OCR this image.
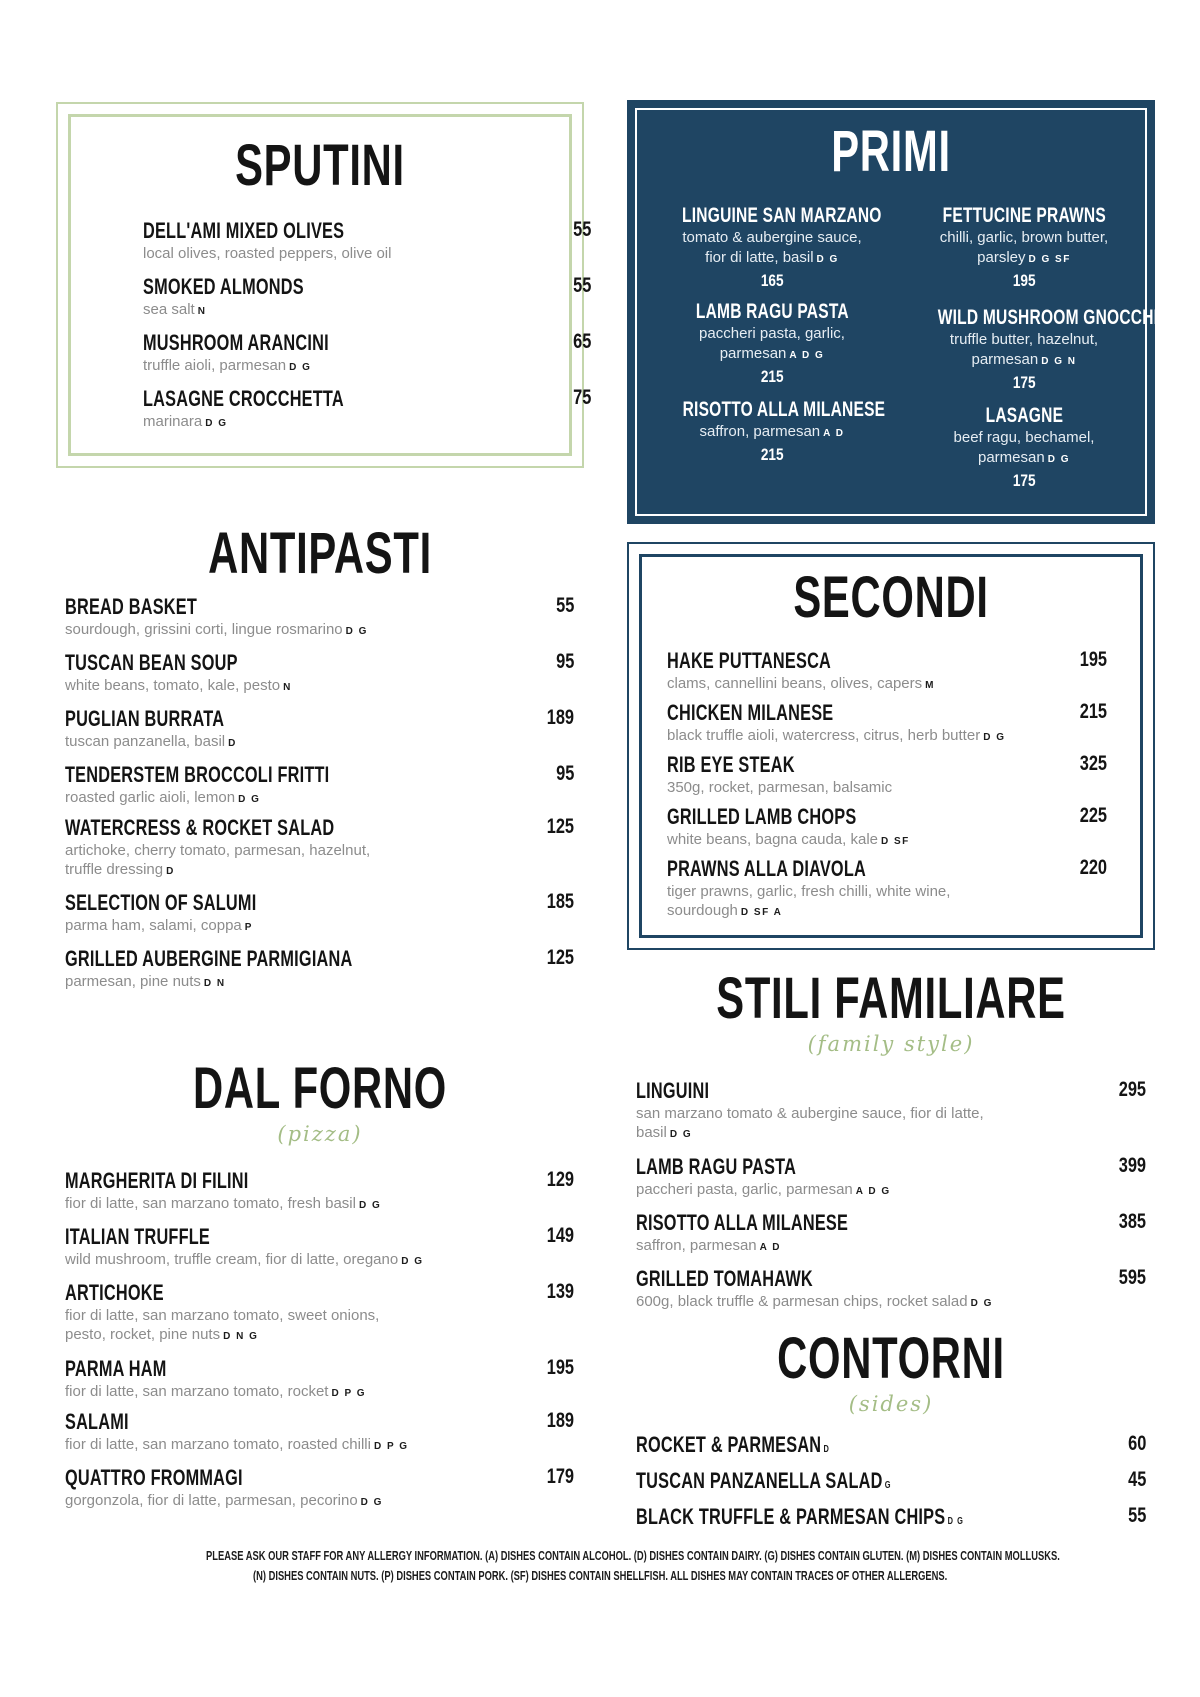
SPUTINI
DELL'AMI MIXED OLIVES	55
local olives, roasted peppers, olive oil
SMOKED ALMONDS	55
sea salt N
MUSHROOM ARANCINI	65
truffle aioli, parmesan D G
LASAGNE CROCCHETTA	75
marinara D G
PRIMI
LINGUINE SAN MARZANO
tomato & aubergine sauce,
fior di latte, basil D G
165
LAMB RAGU PASTA
paccheri pasta, garlic,
parmesan A D G
215
RISOTTO ALLA MILANESE
saffron, parmesan A D
215
FETTUCINE PRAWNS
chilli, garlic, brown butter,
parsley D G SF
195
WILD MUSHROOM GNOCCHI
truffle butter, hazelnut,
parmesan D G N
175
LASAGNE
beef ragu, bechamel,
parmesan D G
175
ANTIPASTI
BREAD BASKET	55
sourdough, grissini corti, lingue rosmarino D G
TUSCAN BEAN SOUP	95
white beans, tomato, kale, pesto N
PUGLIAN BURRATA	189
tuscan panzanella, basil D
TENDERSTEM BROCCOLI FRITTI	95
roasted garlic aioli, lemon D G
WATERCRESS & ROCKET SALAD	125
artichoke, cherry tomato, parmesan, hazelnut,
truffle dressing D
SELECTION OF SALUMI	185
parma ham, salami, coppa P
GRILLED AUBERGINE PARMIGIANA	125
parmesan, pine nuts D N
SECONDI
HAKE PUTTANESCA	195
clams, cannellini beans, olives, capers M
CHICKEN MILANESE	215
black truffle aioli, watercress, citrus, herb butter D G
RIB EYE STEAK	325
350g, rocket, parmesan, balsamic
GRILLED LAMB CHOPS	225
white beans, bagna cauda, kale D SF
PRAWNS ALLA DIAVOLA	220
tiger prawns, garlic, fresh chilli, white wine,
sourdough D SF A
STILI FAMILIARE
(family style)
LINGUINI	295
san marzano tomato & aubergine sauce, fior di latte,
basil D G
LAMB RAGU PASTA	399
paccheri pasta, garlic, parmesan A D G
RISOTTO ALLA MILANESE	385
saffron, parmesan A D
GRILLED TOMAHAWK	595
600g, black truffle & parmesan chips, rocket salad D G
DAL FORNO
(pizza)
MARGHERITA DI FILINI	129
fior di latte, san marzano tomato, fresh basil D G
ITALIAN TRUFFLE	149
wild mushroom, truffle cream, fior di latte, oregano D G
ARTICHOKE	139
fior di latte, san marzano tomato, sweet onions,
pesto, rocket, pine nuts D N G
PARMA HAM	195
fior di latte, san marzano tomato, rocket D P G
SALAMI	189
fior di latte, san marzano tomato, roasted chilli D P G
QUATTRO FROMMAGI	179
gorgonzola, fior di latte, parmesan, pecorino D G
CONTORNI
(sides)
ROCKET & PARMESAN D	60
TUSCAN PANZANELLA SALAD G	45
BLACK TRUFFLE & PARMESAN CHIPS D G	55
PLEASE ASK OUR STAFF FOR ANY ALLERGY INFORMATION. (A) DISHES CONTAIN ALCOHOL. (D) DISHES CONTAIN DAIRY. (G) DISHES CONTAIN GLUTEN. (M) DISHES CONTAIN MOLLUSKS.
(N) DISHES CONTAIN NUTS. (P) DISHES CONTAIN PORK. (SF) DISHES CONTAIN SHELLFISH. ALL DISHES MAY CONTAIN TRACES OF OTHER ALLERGENS.
